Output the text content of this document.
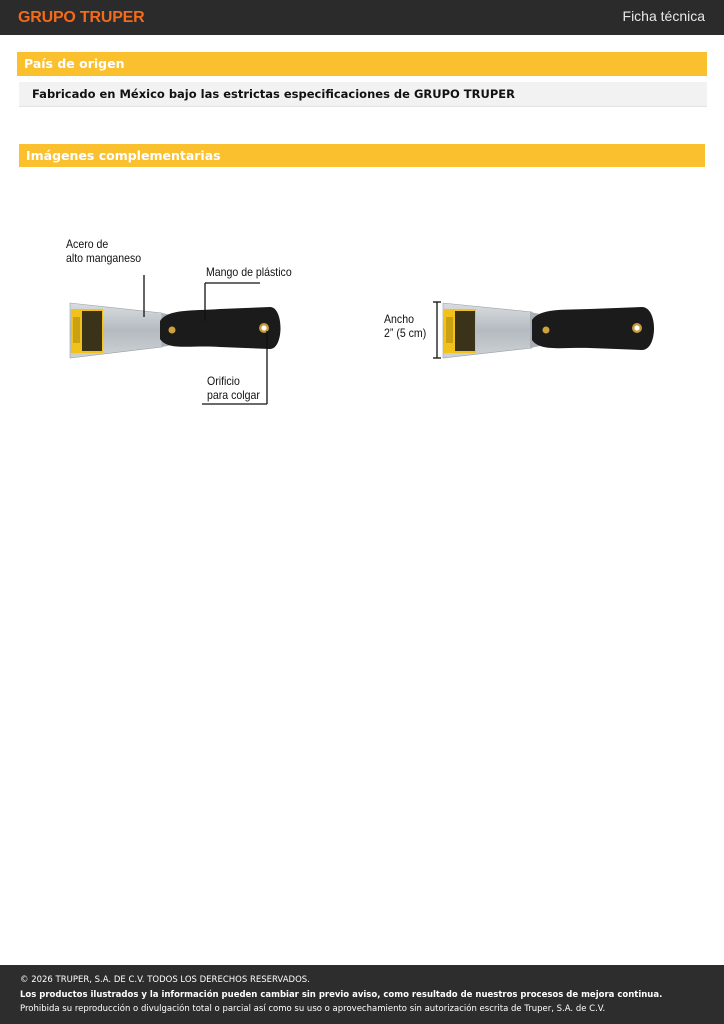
GRUPO TRUPER	Ficha técnica
País de origen
Fabricado en México bajo las estrictas especificaciones de GRUPO TRUPER
Imágenes complementarias
Acero de
alto manganeso
Mango de plástico
Orificio
para colgar
Ancho
2” (5 cm)
© 2026 TRUPER, S.A. DE C.V. TODOS LOS DERECHOS RESERVADOS.
Los productos ilustrados y la información pueden cambiar sin previo aviso, como resultado de nuestros procesos de mejora continua.
Prohibida su reproducción o divulgación total o parcial así como su uso o aprovechamiento sin autorización escrita de Truper, S.A. de C.V.
